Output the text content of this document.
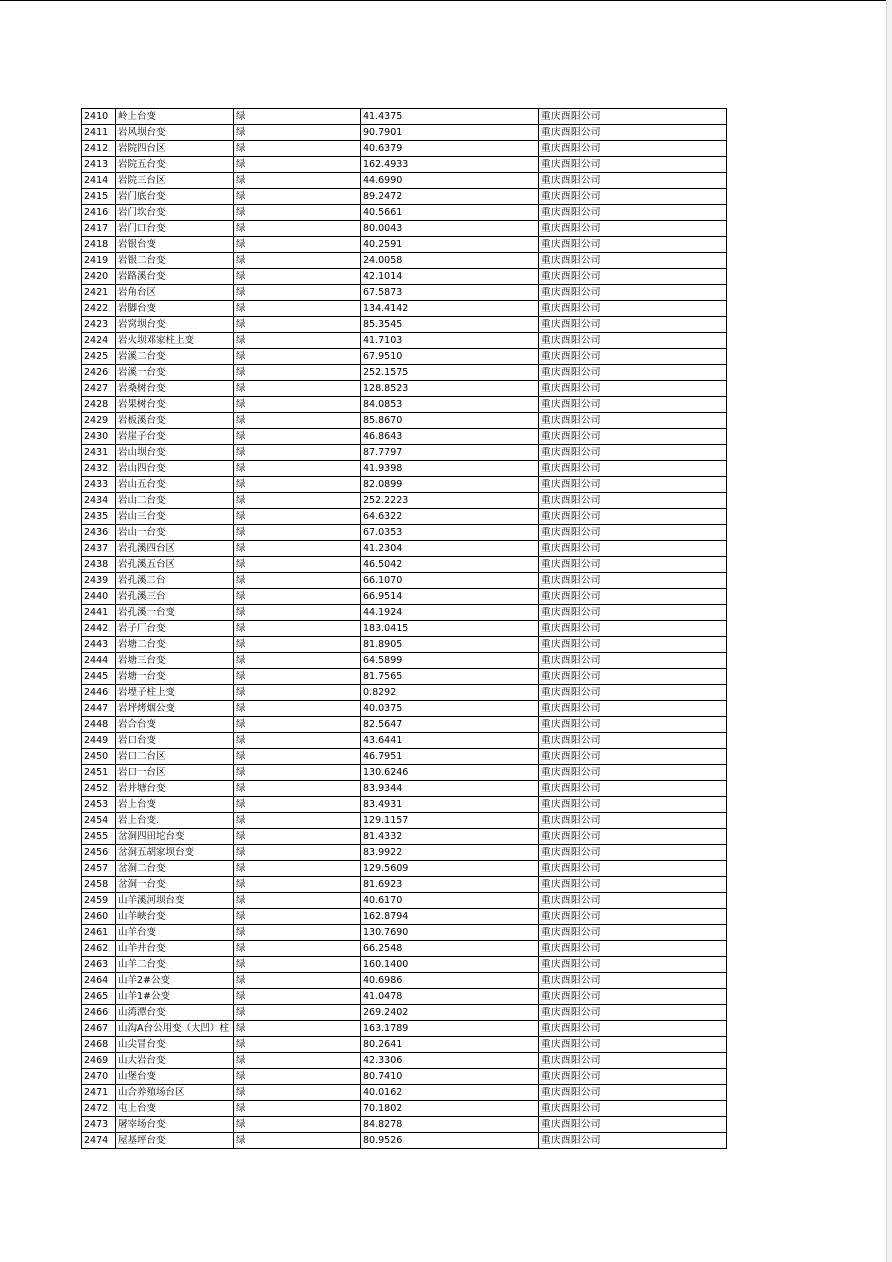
2410	岭上台变	绿	41.4375	重庆酉阳公司
2411	岩风坝台变	绿	90.7901	重庆酉阳公司
2412	岩院四台区	绿	40.6379	重庆酉阳公司
2413	岩院五台变	绿	162.4933	重庆酉阳公司
2414	岩院三台区	绿	44.6990	重庆酉阳公司
2415	岩门底台变	绿	89.2472	重庆酉阳公司
2416	岩门坎台变	绿	40.5661	重庆酉阳公司
2417	岩门口台变	绿	80.0043	重庆酉阳公司
2418	岩银台变	绿	40.2591	重庆酉阳公司
2419	岩银二台变	绿	24.0058	重庆酉阳公司
2420	岩路溪台变	绿	42.1014	重庆酉阳公司
2421	岩角台区	绿	67.5873	重庆酉阳公司
2422	岩脚台变	绿	134.4142	重庆酉阳公司
2423	岩窝坝台变	绿	85.3545	重庆酉阳公司
2424	岩火坝邓家柱上变	绿	41.7103	重庆酉阳公司
2425	岩溪二台变	绿	67.9510	重庆酉阳公司
2426	岩溪一台变	绿	252.1575	重庆酉阳公司
2427	岩桑树台变	绿	128.8523	重庆酉阳公司
2428	岩果树台变	绿	84.0853	重庆酉阳公司
2429	岩板溪台变	绿	85.8670	重庆酉阳公司
2430	岩崖子台变	绿	46.8643	重庆酉阳公司
2431	岩山坝台变	绿	87.7797	重庆酉阳公司
2432	岩山四台变	绿	41.9398	重庆酉阳公司
2433	岩山五台变	绿	82.0899	重庆酉阳公司
2434	岩山二台变	绿	252.2223	重庆酉阳公司
2435	岩山三台变	绿	64.6322	重庆酉阳公司
2436	岩山一台变	绿	67.0353	重庆酉阳公司
2437	岩孔溪四台区	绿	41.2304	重庆酉阳公司
2438	岩孔溪五台区	绿	46.5042	重庆酉阳公司
2439	岩孔溪二台	绿	66.1070	重庆酉阳公司
2440	岩孔溪三台	绿	66.9514	重庆酉阳公司
2441	岩孔溪一台变	绿	44.1924	重庆酉阳公司
2442	岩子厂台变	绿	183.0415	重庆酉阳公司
2443	岩塘二台变	绿	81.8905	重庆酉阳公司
2444	岩塘三台变	绿	64.5899	重庆酉阳公司
2445	岩塘一台变	绿	81.7565	重庆酉阳公司
2446	岩堙子柱上变	绿	0.8292	重庆酉阳公司
2447	岩坪烤烟公变	绿	40.0375	重庆酉阳公司
2448	岩合台变	绿	82.5647	重庆酉阳公司
2449	岩口台变	绿	43.6441	重庆酉阳公司
2450	岩口二台区	绿	46.7951	重庆酉阳公司
2451	岩口一台区	绿	130.6246	重庆酉阳公司
2452	岩井塘台变	绿	83.9344	重庆酉阳公司
2453	岩上台变	绿	83.4931	重庆酉阳公司
2454	岩上台变.	绿	129.1157	重庆酉阳公司
2455	岔洞四田坨台变	绿	81.4332	重庆酉阳公司
2456	岔洞五胡家坝台变	绿	83.9922	重庆酉阳公司
2457	岔洞二台变	绿	129.5609	重庆酉阳公司
2458	岔洞一台变	绿	81.6923	重庆酉阳公司
2459	山羊溪河坝台变	绿	40.6170	重庆酉阳公司
2460	山羊峡台变	绿	162.8794	重庆酉阳公司
2461	山羊台变	绿	130.7690	重庆酉阳公司
2462	山羊井台变	绿	66.2548	重庆酉阳公司
2463	山羊二台变	绿	160.1400	重庆酉阳公司
2464	山羊2#公变	绿	40.6986	重庆酉阳公司
2465	山羊1#公变	绿	41.0478	重庆酉阳公司
2466	山湾潭台变	绿	269.2402	重庆酉阳公司
2467	山沟A台公用变（大凹）柱	绿	163.1789	重庆酉阳公司
2468	山尖冒台变	绿	80.2641	重庆酉阳公司
2469	山大岩台变	绿	42.3306	重庆酉阳公司
2470	山堡台变	绿	80.7410	重庆酉阳公司
2471	山合养殖场台区	绿	40.0162	重庆酉阳公司
2472	屯上台变	绿	70.1802	重庆酉阳公司
2473	屠宰场台变	绿	84.8278	重庆酉阳公司
2474	屋基坪台变	绿	80.9526	重庆酉阳公司
